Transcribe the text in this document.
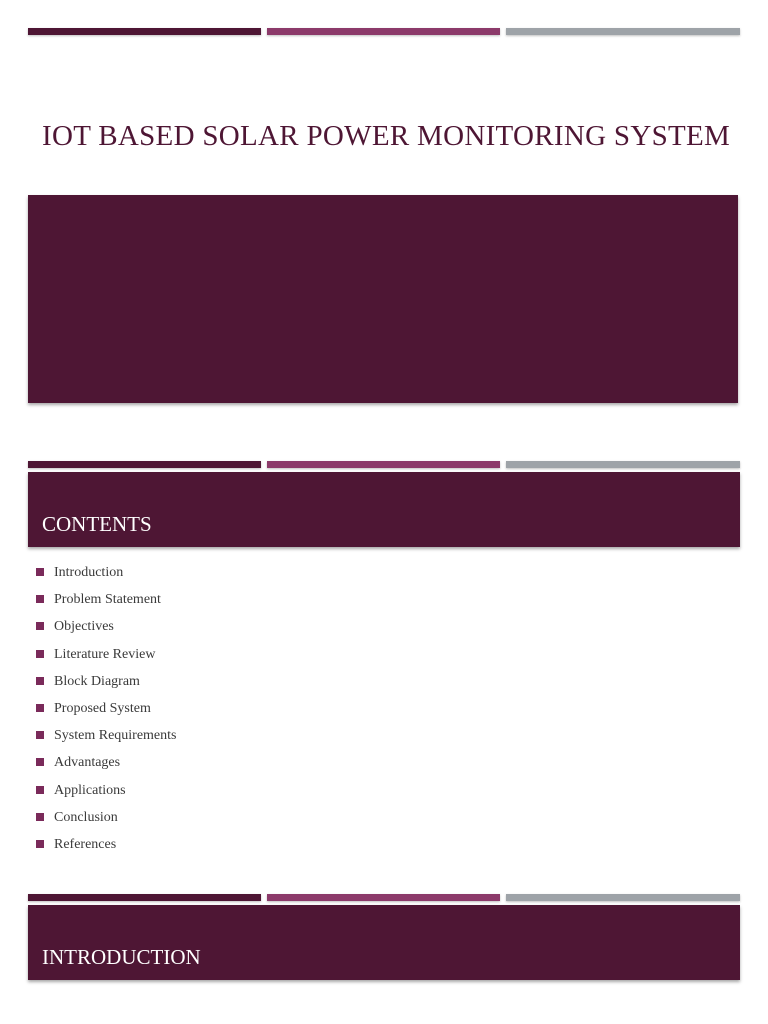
IOT BASED SOLAR POWER MONITORING SYSTEM
CONTENTS
Introduction
Problem Statement
Objectives
Literature Review
Block Diagram
Proposed System
System Requirements
Advantages
Applications
Conclusion
References
INTRODUCTION
